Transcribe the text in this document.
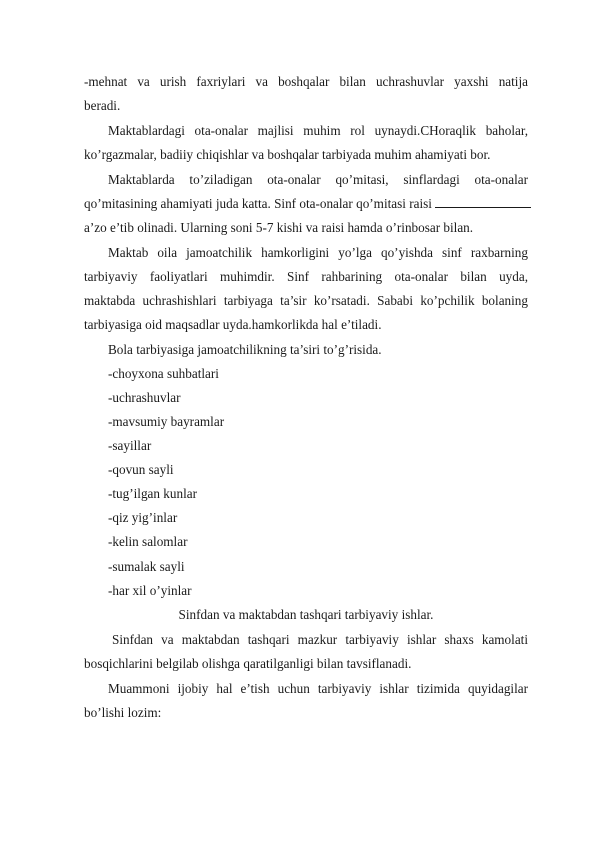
-mehnat va urish faxriylari va boshqalar bilan uchrashuvlar yaxshi natija
beradi.
Maktablardagi ota-onalar majlisi muhim rol uynaydi.CHoraqlik baholar,
ko’rgazmalar, badiiy chiqishlar va boshqalar tarbiyada muhim ahamiyati bor.
Maktablarda to’ziladigan ota-onalar qo’mitasi, sinflardagi ota-onalar
qo’mitasining ahamiyati juda katta. Sinf ota-onalar qo’mitasi raisi
a’zo e’tib olinadi. Ularning soni 5-7 kishi va raisi hamda o’rinbosar bilan.
Maktab oila jamoatchilik hamkorligini yo’lga qo’yishda sinf raxbarning
tarbiyaviy faoliyatlari muhimdir. Sinf rahbarining ota-onalar bilan uyda,
maktabda uchrashishlari tarbiyaga ta’sir ko’rsatadi. Sababi ko’pchilik bolaning
tarbiyasiga oid maqsadlar uyda.hamkorlikda hal e’tiladi.
Bola tarbiyasiga jamoatchilikning ta’siri to’g’risida.
-choyxona suhbatlari
-uchrashuvlar
-mavsumiy bayramlar
-sayillar
-qovun sayli
-tug’ilgan kunlar
-qiz yig’inlar
-kelin salomlar
-sumalak sayli
-har xil o’yinlar
Sinfdan va maktabdan tashqari tarbiyaviy ishlar.
Sinfdan va maktabdan tashqari mazkur tarbiyaviy ishlar shaxs kamolati
bosqichlarini belgilab olishga qaratilganligi bilan tavsiflanadi.
Muammoni ijobiy hal e’tish uchun tarbiyaviy ishlar tizimida quyidagilar
bo’lishi lozim:
